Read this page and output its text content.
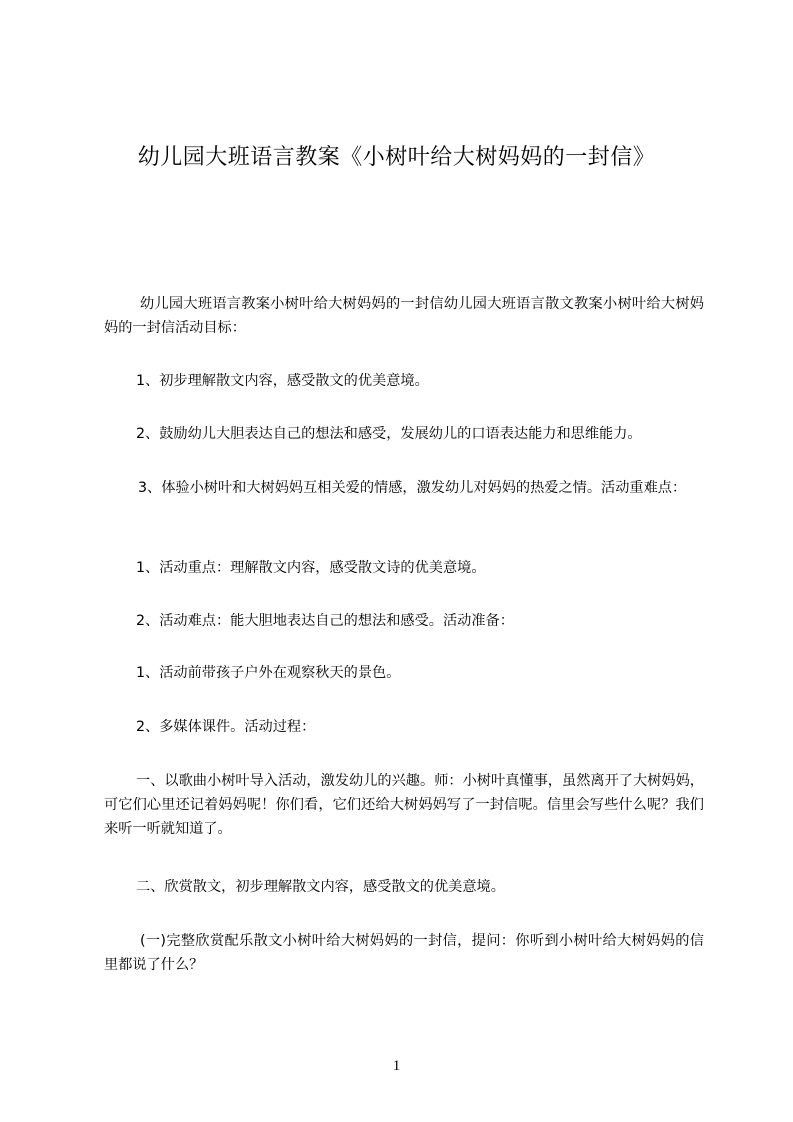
幼儿园大班语言教案《小树叶给大树妈妈的一封信》

幼儿园大班语言教案小树叶给大树妈妈的一封信幼儿园大班语言散文教案小树叶给大树妈妈的一封信活动目标：

1、初步理解散文内容，感受散文的优美意境。

2、鼓励幼儿大胆表达自己的想法和感受，发展幼儿的口语表达能力和思维能力。

3、体验小树叶和大树妈妈互相关爱的情感，激发幼儿对妈妈的热爱之情。活动重难点：

1、活动重点：理解散文内容，感受散文诗的优美意境。

2、活动难点：能大胆地表达自己的想法和感受。活动准备：

1、活动前带孩子户外在观察秋天的景色。

2、多媒体课件。活动过程：

一、以歌曲小树叶导入活动，激发幼儿的兴趣。师：小树叶真懂事，虽然离开了大树妈妈，可它们心里还记着妈妈呢！你们看，它们还给大树妈妈写了一封信呢。信里会写些什么呢？我们来听一听就知道了。

二、欣赏散文，初步理解散文内容，感受散文的优美意境。

(一)完整欣赏配乐散文小树叶给大树妈妈的一封信，提问：你听到小树叶给大树妈妈的信里都说了什么？

1
